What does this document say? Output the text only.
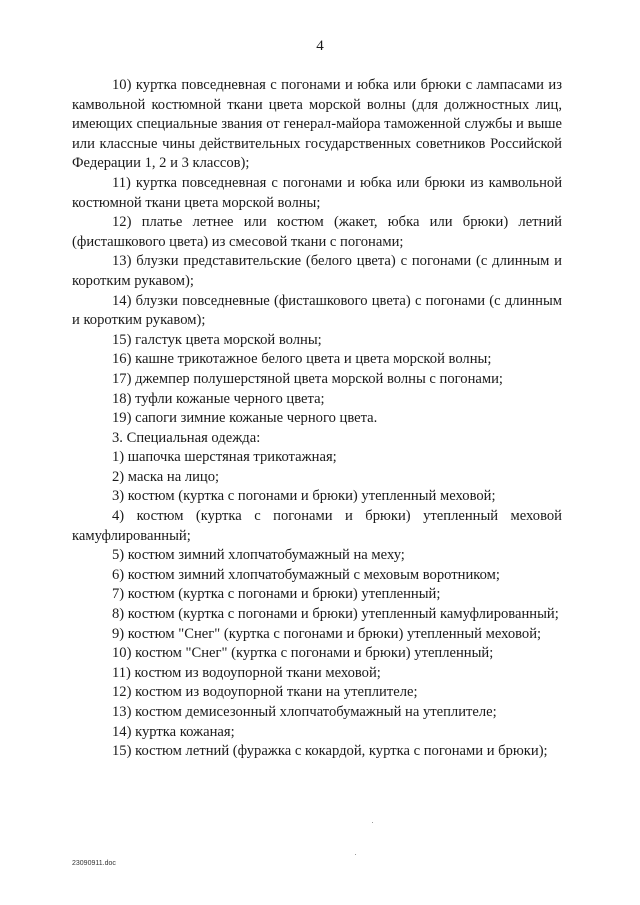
4

10) куртка повседневная с погонами и юбка или брюки с лампасами из камвольной костюмной ткани цвета морской волны (для должностных лиц, имеющих специальные звания от генерал-майора таможенной службы и выше или классные чины действительных государственных советников Российской Федерации 1, 2 и 3 классов);

11) куртка повседневная с погонами и юбка или брюки из камвольной костюмной ткани цвета морской волны;

12) платье летнее или костюм (жакет, юбка или брюки) летний (фисташкового цвета) из смесовой ткани с погонами;

13) блузки представительские (белого цвета) с погонами (с длинным и коротким рукавом);

14) блузки повседневные (фисташкового цвета) с погонами (с длинным и коротким рукавом);

15) галстук цвета морской волны;

16) кашне трикотажное белого цвета и цвета морской волны;

17) джемпер полушерстяной цвета морской волны с погонами;

18) туфли кожаные черного цвета;

19) сапоги зимние кожаные черного цвета.

3. Специальная одежда:

1) шапочка шерстяная трикотажная;

2) маска на лицо;

3) костюм (куртка с погонами и брюки) утепленный меховой;

4) костюм (куртка с погонами и брюки) утепленный меховой камуфлированный;

5) костюм зимний хлопчатобумажный на меху;

6) костюм зимний хлопчатобумажный с меховым воротником;

7) костюм (куртка с погонами и брюки) утепленный;

8) костюм (куртка с погонами и брюки) утепленный камуфлированный;

9) костюм "Снег" (куртка с погонами и брюки) утепленный меховой;

10) костюм "Снег" (куртка с погонами и брюки) утепленный;

11) костюм из водоупорной ткани меховой;

12) костюм из водоупорной ткани на утеплителе;

13) костюм демисезонный хлопчатобумажный на утеплителе;

14) куртка кожаная;

15) костюм летний (фуражка с кокардой, куртка с погонами и брюки);

23090911.doc
